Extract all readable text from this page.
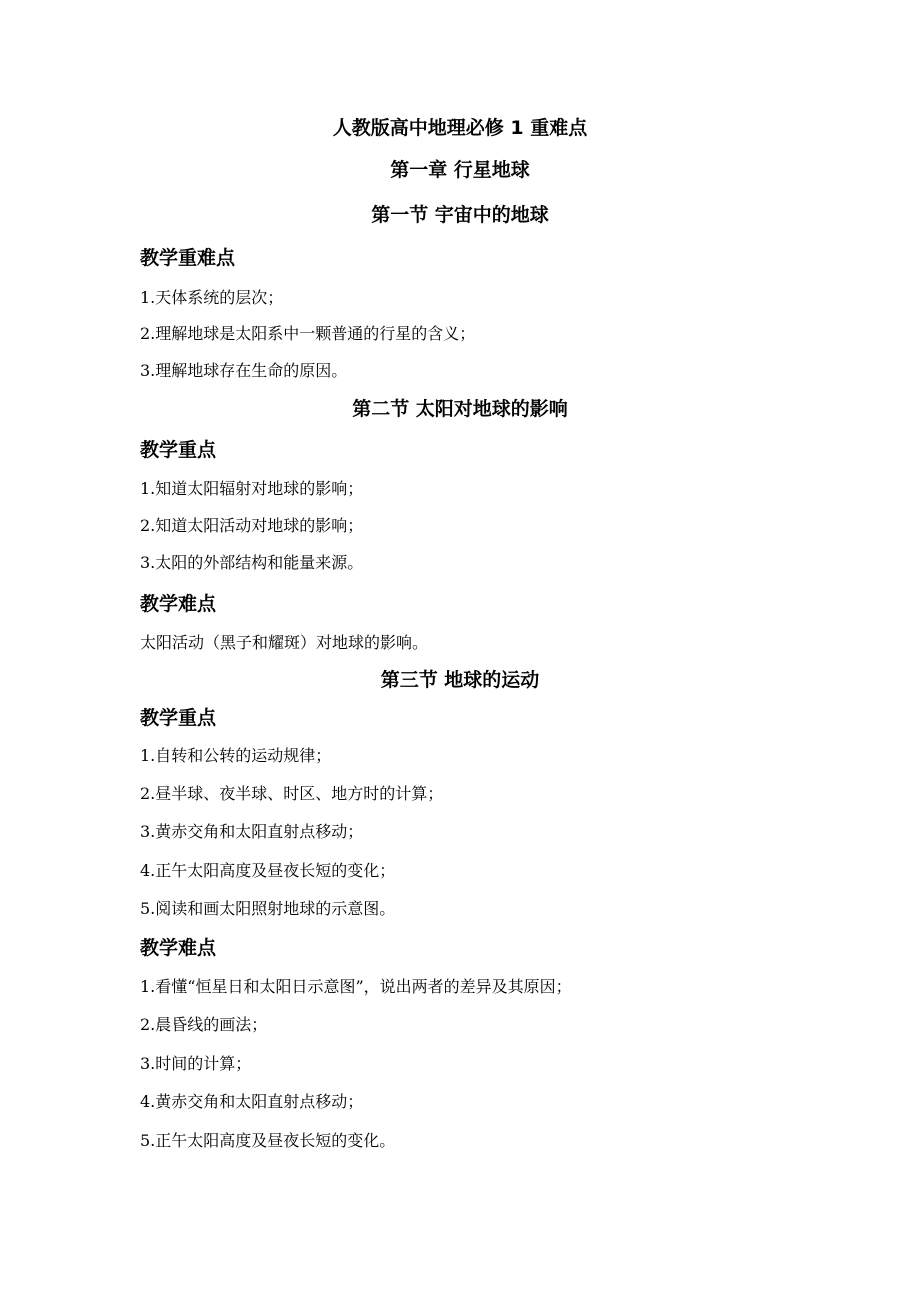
人教版高中地理必修 1 重难点
第一章 行星地球
第一节 宇宙中的地球
教学重难点
1.天体系统的层次；
2.理解地球是太阳系中一颗普通的行星的含义；
3.理解地球存在生命的原因。
第二节 太阳对地球的影响
教学重点
1.知道太阳辐射对地球的影响；
2.知道太阳活动对地球的影响；
3.太阳的外部结构和能量来源。
教学难点
太阳活动（黑子和耀斑）对地球的影响。
第三节 地球的运动
教学重点
1.自转和公转的运动规律；
2.昼半球、夜半球、时区、地方时的计算；
3.黄赤交角和太阳直射点移动；
4.正午太阳高度及昼夜长短的变化；
5.阅读和画太阳照射地球的示意图。
教学难点
1.看懂“恒星日和太阳日示意图”，说出两者的差异及其原因；
2.晨昏线的画法；
3.时间的计算；
4.黄赤交角和太阳直射点移动；
5.正午太阳高度及昼夜长短的变化。
